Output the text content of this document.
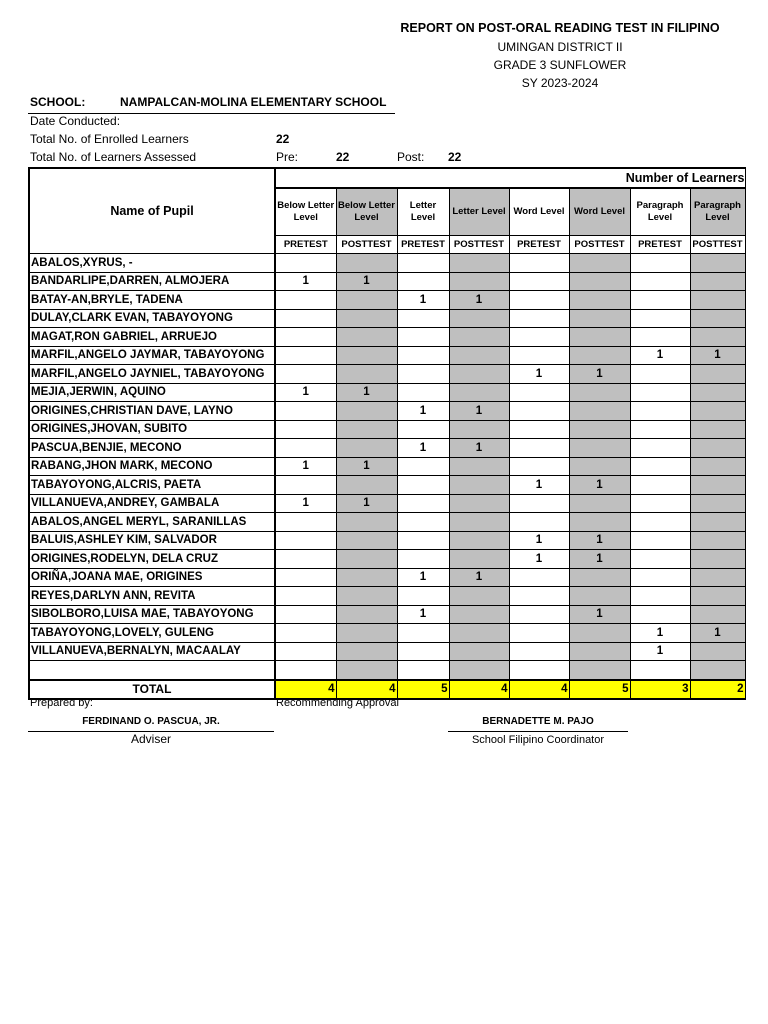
REPORT ON POST-ORAL READING TEST IN FILIPINO
UMINGAN DISTRICT II
GRADE 3 SUNFLOWER
SY 2023-2024
SCHOOL:	NAMPALCAN-MOLINA ELEMENTARY SCHOOL
Date Conducted:
Total No. of Enrolled Learners	22
Total No. of Learners Assessed	Pre:	22	Post: 22
Name of Pupil	Number of Learners							
	Below Letter Level	Below Letter Level	Letter Level	Letter Level	Word Level	Word Level	Paragraph Level	Paragraph Level
	PRETEST	POSTTEST	PRETEST	POSTTEST	PRETEST	POSTTEST	PRETEST	POSTTEST
ABALOS,XYRUS, -								
BANDARLIPE,DARREN, ALMOJERA	1	1						
BATAY-AN,BRYLE, TADENA			1	1				
DULAY,CLARK EVAN, TABAYOYONG								
MAGAT,RON GABRIEL, ARRUEJO								
MARFIL,ANGELO JAYMAR, TABAYOYONG							1	1
MARFIL,ANGELO JAYNIEL, TABAYOYONG					1	1		
MEJIA,JERWIN, AQUINO	1	1						
ORIGINES,CHRISTIAN DAVE, LAYNO			1	1				
ORIGINES,JHOVAN, SUBITO								
PASCUA,BENJIE, MECONO			1	1				
RABANG,JHON MARK, MECONO	1	1						
TABAYOYONG,ALCRIS, PAETA					1	1		
VILLANUEVA,ANDREY, GAMBALA	1	1						
ABALOS,ANGEL MERYL, SARANILLAS								
BALUIS,ASHLEY KIM, SALVADOR					1	1		
ORIGINES,RODELYN, DELA CRUZ					1	1		
ORIÑA,JOANA MAE, ORIGINES			1	1				
REYES,DARLYN ANN, REVITA								
SIBOLBORO,LUISA MAE, TABAYOYONG			1			1		
TABAYOYONG,LOVELY, GULENG							1	1
VILLANUEVA,BERNALYN, MACAALAY							1	

TOTAL	4	4	5	4	4	5	3	2
Prepared by:	Recommending Approval
FERDINAND O. PASCUA, JR.
Adviser
BERNADETTE M. PAJO
School Filipino Coordinator
